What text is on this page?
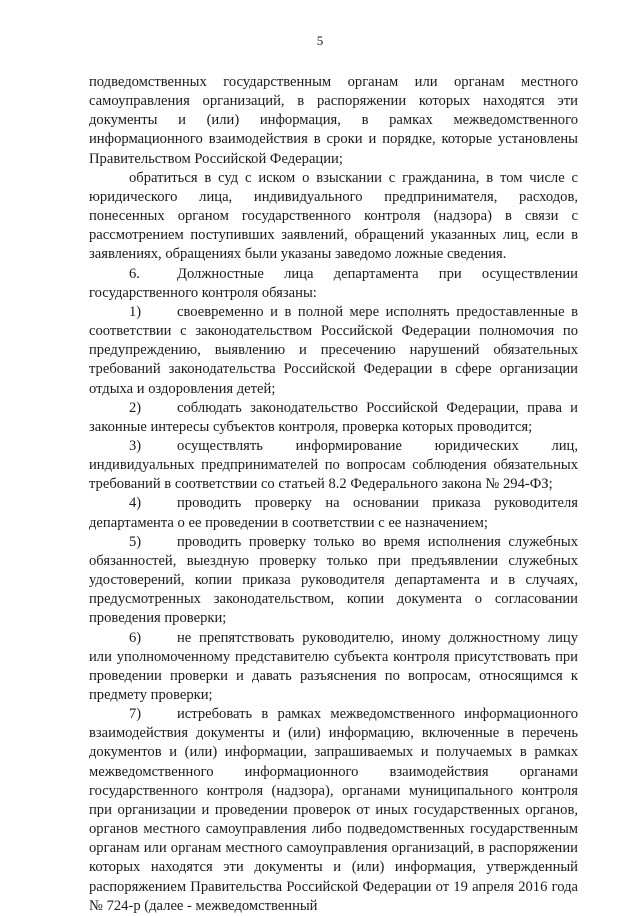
5

подведомственных государственным органам или органам местного самоуправления организаций, в распоряжении которых находятся эти документы и (или) информация, в рамках межведомственного информационного взаимодействия в сроки и порядке, которые установлены Правительством Российской Федерации;

обратиться в суд с иском о взыскании с гражданина, в том числе с юридического лица, индивидуального предпринимателя, расходов, понесенных органом государственного контроля (надзора) в связи с рассмотрением поступивших заявлений, обращений указанных лиц, если в заявлениях, обращениях были указаны заведомо ложные сведения.

6.	Должностные лица департамента при осуществлении государственного контроля обязаны:

1) своевременно и в полной мере исполнять предоставленные в соответствии с законодательством Российской Федерации полномочия по предупреждению, выявлению и пресечению нарушений обязательных требований законодательства Российской Федерации в сфере организации отдыха и оздоровления детей;

2) соблюдать законодательство Российской Федерации, права и законные интересы субъектов контроля, проверка которых проводится;

3) осуществлять информирование юридических лиц, индивидуальных предпринимателей по вопросам соблюдения обязательных требований в соответствии со статьей 8.2 Федерального закона № 294-ФЗ;

4) проводить проверку на основании приказа руководителя департамента о ее проведении в соответствии с ее назначением;

5) проводить проверку только во время исполнения служебных обязанностей, выездную проверку только при предъявлении служебных удостоверений, копии приказа руководителя департамента и в случаях, предусмотренных законодательством, копии документа о согласовании проведения проверки;

6) не препятствовать руководителю, иному должностному лицу или уполномоченному представителю субъекта контроля присутствовать при проведении проверки и давать разъяснения по вопросам, относящимся к предмету проверки;

7) истребовать в рамках межведомственного информационного взаимодействия документы и (или) информацию, включенные в перечень документов и (или) информации, запрашиваемых и получаемых в рамках межведомственного информационного взаимодействия органами государственного контроля (надзора), органами муниципального контроля при организации и проведении проверок от иных государственных органов, органов местного самоуправления либо подведомственных государственным органам или органам местного самоуправления организаций, в распоряжении которых находятся эти документы и (или) информация, утвержденный распоряжением Правительства Российской Федерации от 19 апреля 2016 года № 724-р (далее - межведомственный
